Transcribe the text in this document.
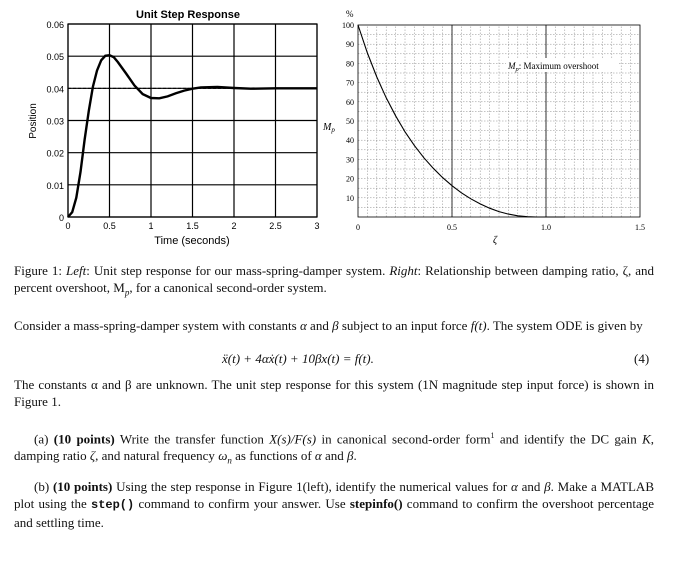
Unit Step Response
0
0.01
0.02
0.03
0.04
0.05
0.06
0	0.5	1	1.5	2	2.5	3
Time (seconds)
Position
%
10
20
30
40
50
60
70
80
90
100
0	0.5	1.0	1.5
$M_p$
$M_p$: Maximum overshoot
ζ
Figure 1: Left: Unit step response for our mass-spring-damper system. Right: Relationship between damping ratio, ζ, and percent overshoot, $M_p$, for a canonical second-order system.
Consider a mass-spring-damper system with constants α and β subject to an input force f(t). The system ODE is given by
ẍ(t) + 4αẋ(t) + 10βx(t) = f(t).	(4)
The constants α and β are unknown. The unit step response for this system (1N magnitude step input force) is shown in Figure 1.
(a) (10 points) Write the transfer function X(s)/F(s) in canonical second-order form$^1$ and identify the DC gain K, damping ratio ζ, and natural frequency $\omega_n$ as functions of α and β.
(b) (10 points) Using the step response in Figure 1(left), identify the numerical values for α and β. Make a MATLAB plot using the step() command to confirm your answer. Use stepinfo() command to confirm the overshoot percentage and settling time.
